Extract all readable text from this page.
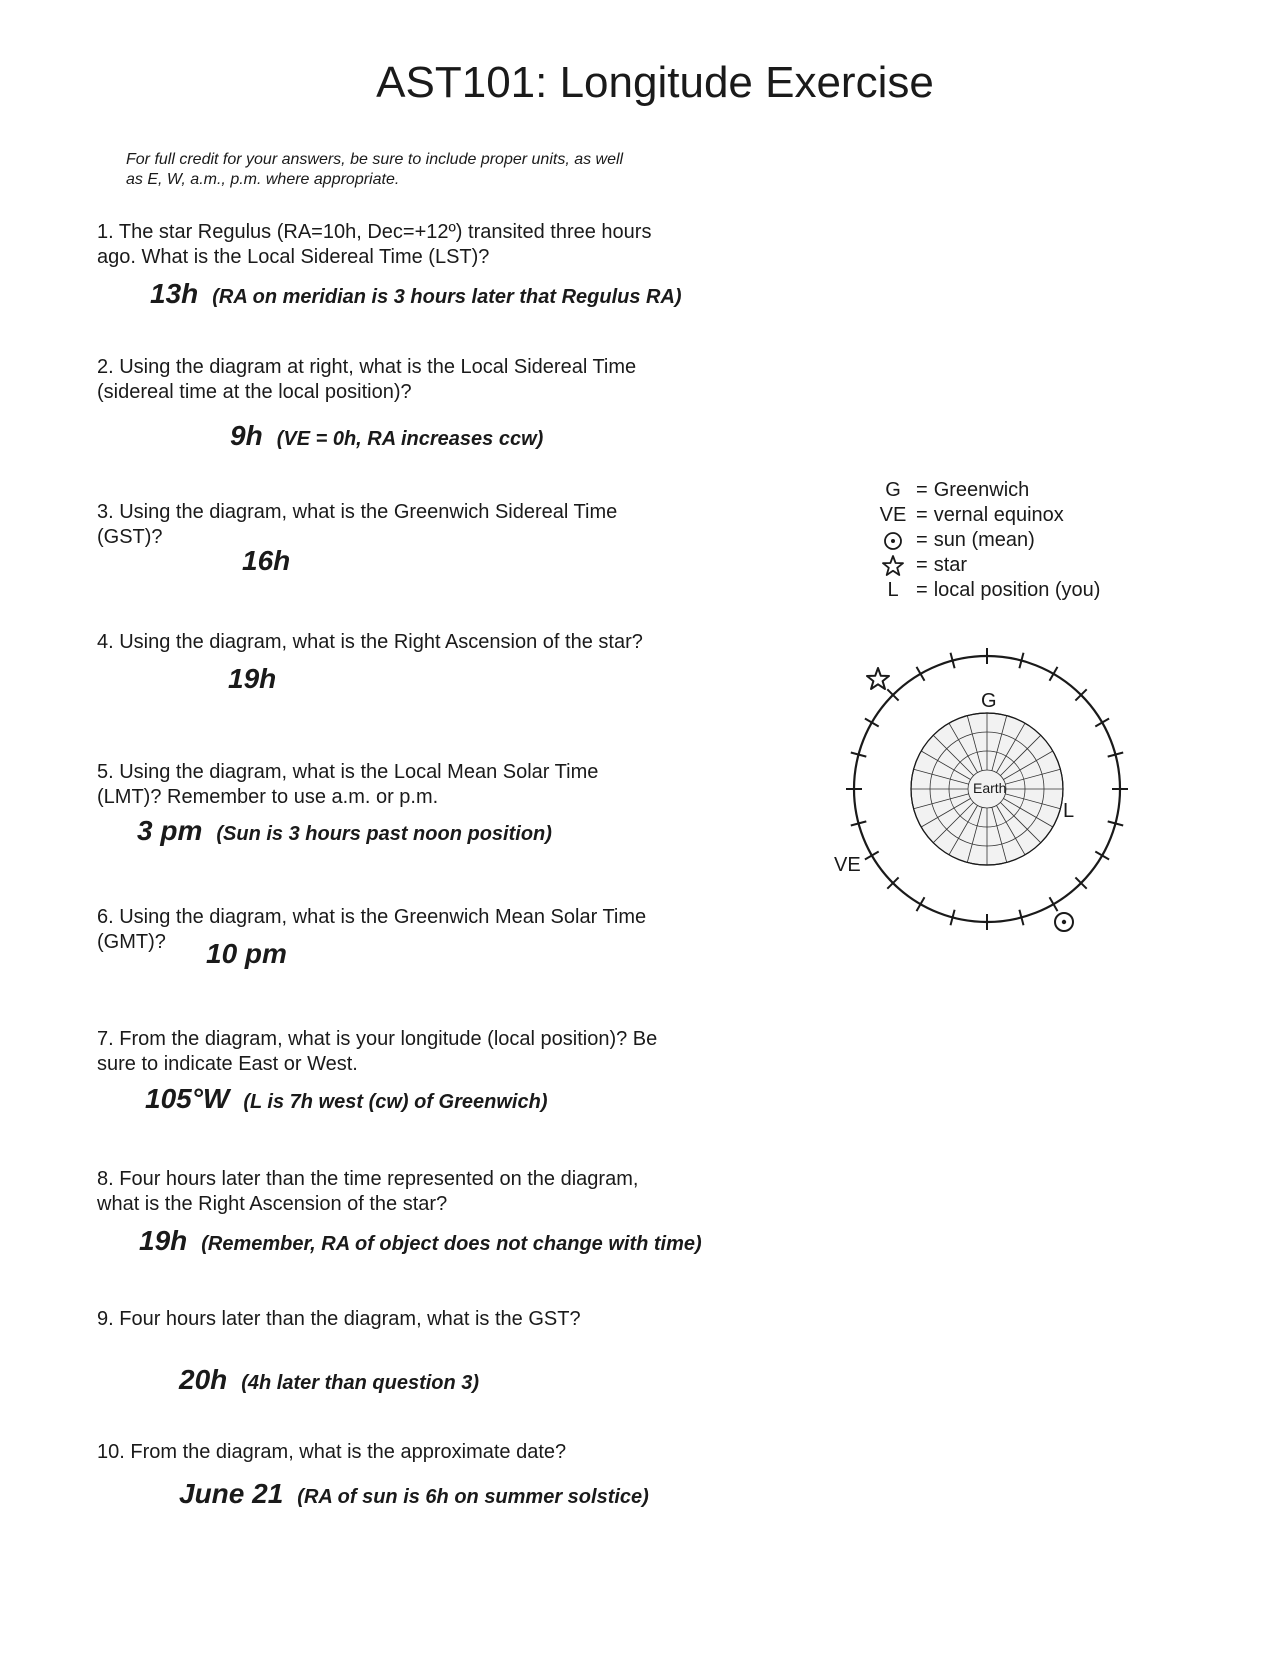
AST101: Longitude Exercise
For full credit for your answers, be sure to include proper units, as well
as E, W, a.m., p.m. where appropriate.
1. The star Regulus (RA=10h, Dec=+12º) transited three hours
ago. What is the Local Sidereal Time (LST)?
13h (RA on meridian is 3 hours later that Regulus RA)
2. Using the diagram at right, what is the Local Sidereal Time
(sidereal time at the local position)?
9h (VE = 0h, RA increases ccw)
3. Using the diagram, what is the Greenwich Sidereal Time
(GST)?
16h
4. Using the diagram, what is the Right Ascension of the star?
19h
5. Using the diagram, what is the Local Mean Solar Time
(LMT)? Remember to use a.m. or p.m.
3 pm (Sun is 3 hours past noon position)
6. Using the diagram, what is the Greenwich Mean Solar Time
(GMT)?	10 pm
7. From the diagram, what is your longitude (local position)? Be
sure to indicate East or West.
105°W (L is 7h west (cw) of Greenwich)
8. Four hours later than the time represented on the diagram,
what is the Right Ascension of the star?
19h (Remember, RA of object does not change with time)
9. Four hours later than the diagram, what is the GST?
20h (4h later than question 3)
10. From the diagram, what is the approximate date?
June 21 (RA of sun is 6h on summer solstice)
G = Greenwich
VE = vernal equinox
= sun (mean)
= star
L = local position (you)
Earth
G
L
VE
